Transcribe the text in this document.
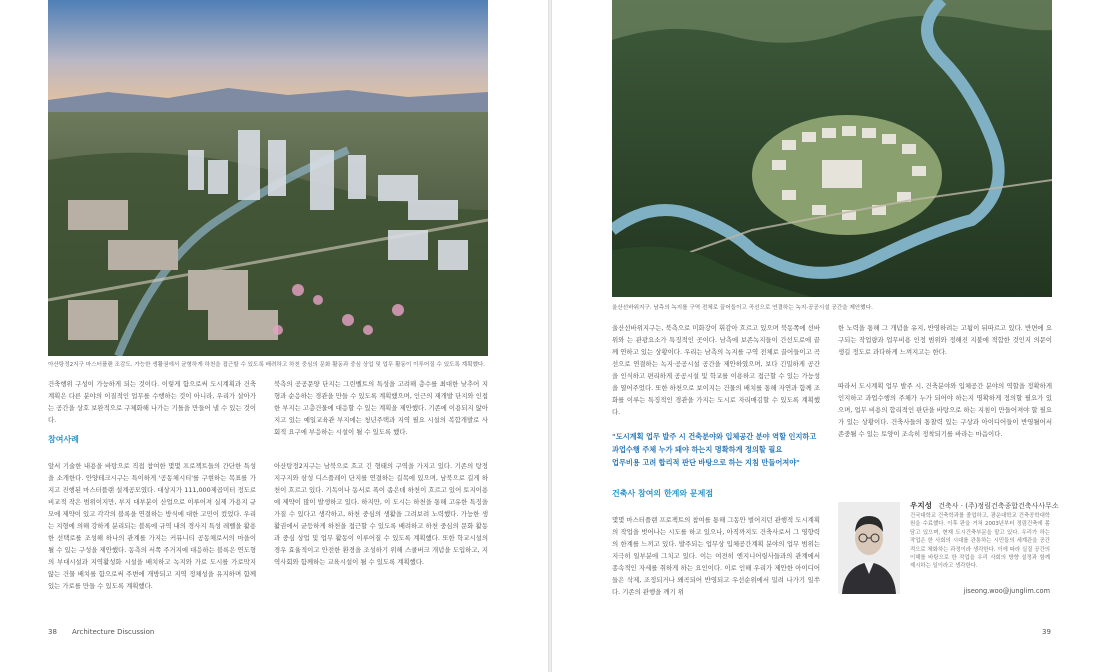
아산탕정2지구 마스터플랜 조감도. 가능한 생활권에서 균형하게 하천을 접근할 수 있도록 배려하고 하천 중심의 문화 활동과 중심 상업 및 업무 활동이 이루어질 수 있도록 계획했다.

건축행위 구성이 가능하게 되는 것이다. 이렇게 함으로써 도시계획과 건축계획은 다른 분야의 이질적인 업무를 수행하는 것이 아니라, 우리가 살아가는 공간을 상호 보완적으로 구체화해 나가는 기틀을 만들어 낼 수 있는 것이다.

참여사례

앞서 기술한 내용을 바탕으로 직접 참여한 몇몇 프로젝트들의 간단한 특성을 소개한다. 안양테크시구는 특이하게 '공동체시티'를 구현하는 목표를 가지고 진행된 마스터플랜 설계공모였다. 대상지가 111,000제곱미터 정도로 비교적 작은 범위이지만, 부지 대부분이 산업으로 이루어져 실제 가용지 규모에 제약이 있고 각각의 블록을 연결하는 방식에 대한 고민이 컸었다. 우리는 지형에 의해 강하게 분리되는 블록에 규역 내의 경사지 특성 레벨을 활용한 선택로를 조성해 하나의 관계를 가지는 커뮤니티 공동체로서의 마을이 될 수 있는 구성을 제안했다. 동측의 서쪽 주거지에 대응하는 블록은 연도형의 부대시설과 지역활성화 시설을 배치하고 녹지와 가로 도시를 가로막지 않는 건물 배치를 함으로써 주변에 개방되고 지역 정체성을 유지하며 함께 있는 가로를 만들 수 있도록 계획했다.

북측의 공공문양 단지는 그린벨트의 특성을 고려해 층수를 최대한 낮추어 지형과 순응하는 경관을 만들 수 있도록 계획했으며, 인근의 재개발 단지와 인접한 부지는 고층건물에 대응할 수 있는 계획을 제안했다. 기존에 이용되지 않아지고 있는 예일교육관 부지에는 청년주택과 지역 필요 시설의 복합개발로 사회적 요구에 부응하는 시설이 될 수 있도록 했다.

아산탕정2지구는 남북으로 흐고 긴 형태의 구역을 가지고 있다. 기존의 탕정지구지와 삼성 디스플레이 단지를 연결하는 길목에 있으며, 남북으로 길게 하천이 흐르고 있다. 기독이나 동서로 폭이 좁은데 하천이 흐르고 있어 토지이용에 제약이 많이 발생하고 있다. 하지만, 이 도시는 하천을 통해 고유한 특징을 가질 수 있다고 생각하고, 하천 중심의 생활을 그려보려 노력했다. 가능한 생활권에서 균등하게 하천을 접근할 수 있도록 배려하고 하천 중심의 문화 활동과 중심 상업 및 업무 활동이 이루어질 수 있도록 계획했다. 또한 학교시설의 경우 효율적이고 안전한 환경을 조성하기 위해 스쿨버크 개념을 도입하고, 지역사회와 함께하는 교육시설이 될 수 있도록 계획했다.

38 Architecture Discussion
울산선바위지구. 남측의 녹지를 구역 전체로 끌어들이고 곡선으로 연결하는 녹지·공공시설 공간을 제안했다.

울산선바위지구는, 북측으로 미화강이 휘감아 흐르고 있으며 북동쪽에 선바위와 는 관광요소가 특징적인 곳이다. 남측에 보존녹지들이 간선도로에 끝께 연하고 있는 상황이다. 우리는 남측의 녹지를 구역 전체로 끌어들이고 곡선으로 연결하는 녹지·공공시설 공간을 제안하였으며, 보다 긴밀하게 공간을 인식하고 편리하게 공공시설 및 학교를 이용하고 접근할 수 있는 가능성을 열어주었다. 또한 하천으로 보이지는 건물의 배치를 통해 자연과 함께 조화를 이루는 특징적인 경관을 가지는 도시로 자리매김할 수 있도록 계획했다.

"도시계획 업무 발주 시 건축분야와 입체공간 분야 역할 인지하고

과업수행 주체 누가 돼야 하는지 명확하게 정의할 필요

업무비용 고려 합리적 판단 바탕으로 하는 지침 만들어져야"

건축사 참여의 한계와 문제점

몇몇 마스터플랜 프로젝트의 참여를 통해 그동안 벌어지던 관행적 도시계획의 작업을 벗어나는 시도를 하고 있으나, 아직까지도 건축사로서 그 영향력의 한계를 느끼고 있다. 발주되는 업무상 입체공간계획 분야의 업무 범위는 지극히 일부분에 그치고 있다. 이는 여전히 엔지니어링사들과의 관계에서 종속적인 자세를 취하게 하는 요인이다. 이로 인해 우리가 제안한 아이디어들은 삭제, 조정되거나 왜곡되어 반영되고 우선순위에서 밀려 나가기 일쑤다. 기존의 관행을 깨기 위

한 노력을 통해 그 개념을 유지, 반영하려는 고됨이 뒤따르고 있다. 반면에 요구되는 작업량과 업무비용 인정 범위와 정해진 지불에 적합한 것인지 의문이 생길 정도로 과다하게 느껴지고는 한다.

따라서 도시계획 업무 발주 시, 건축분야와 입체공간 분야의 역할을 정확하게 인지하고 과업수행의 주체가 누가 되어야 하는지 명확하게 정의할 필요가 있으며, 업무 비용의 합리적인 판단을 바탕으로 하는 지침이 만들어져야 할 필요가 있는 상황이다. 건축사들의 통찰력 있는 구상과 아이디어들이 반영될어서 존중될 수 있는 토양이 조속히 정착되기를 바라는 마음이다.

39
우지성 건축사 · (주)정림건축종합건축사사무소
건국대학교 건축학과를 졸업하고, 광운대학교 건축공학대학원을 수료했다. 이후 판을 거쳐 2003년부터 정림건축에 몸담고 있으며, 현재 도시건축부문을 맡고 있다. 우리가 하는 작업은 한 사회의 시대를 관통하는 시민들의 세계관을 공간적으로 체화하는 과정이라 생각한다. 이에 따라 실질 공간의 이해를 바탕으로 한 작업을 우리 사회의 방향 설정과 함께 제시하는 일이라고 생각한다.
jiseong.woo@junglim.com
